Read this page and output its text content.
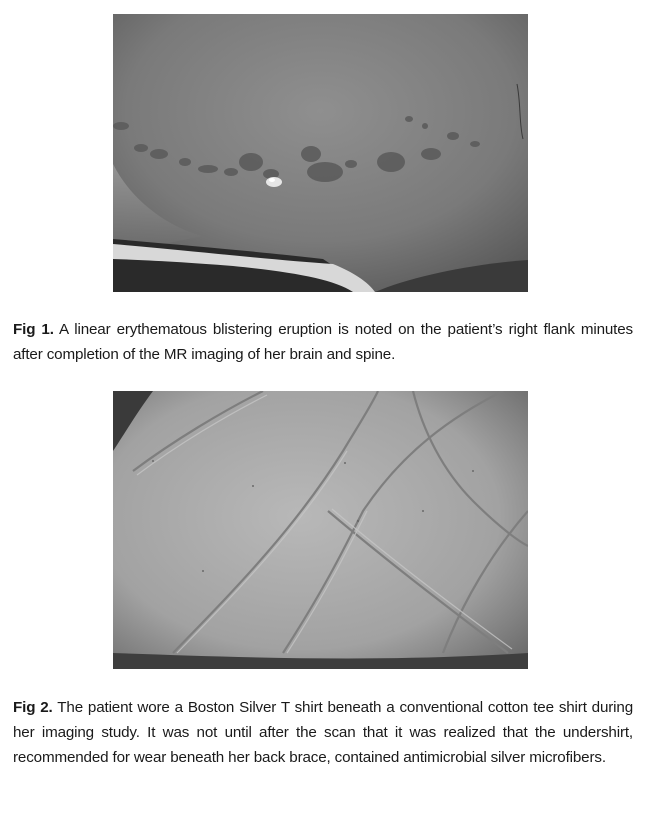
Fig 1. A linear erythematous blistering eruption is noted on the patient’s right flank minutes after completion of the MR imaging of her brain and spine.
Fig 2. The patient wore a Boston Silver T shirt beneath a conventional cotton tee shirt during her imaging study. It was not until after the scan that it was realized that the undershirt, recommended for wear beneath her back brace, contained antimicrobial silver microfibers.
